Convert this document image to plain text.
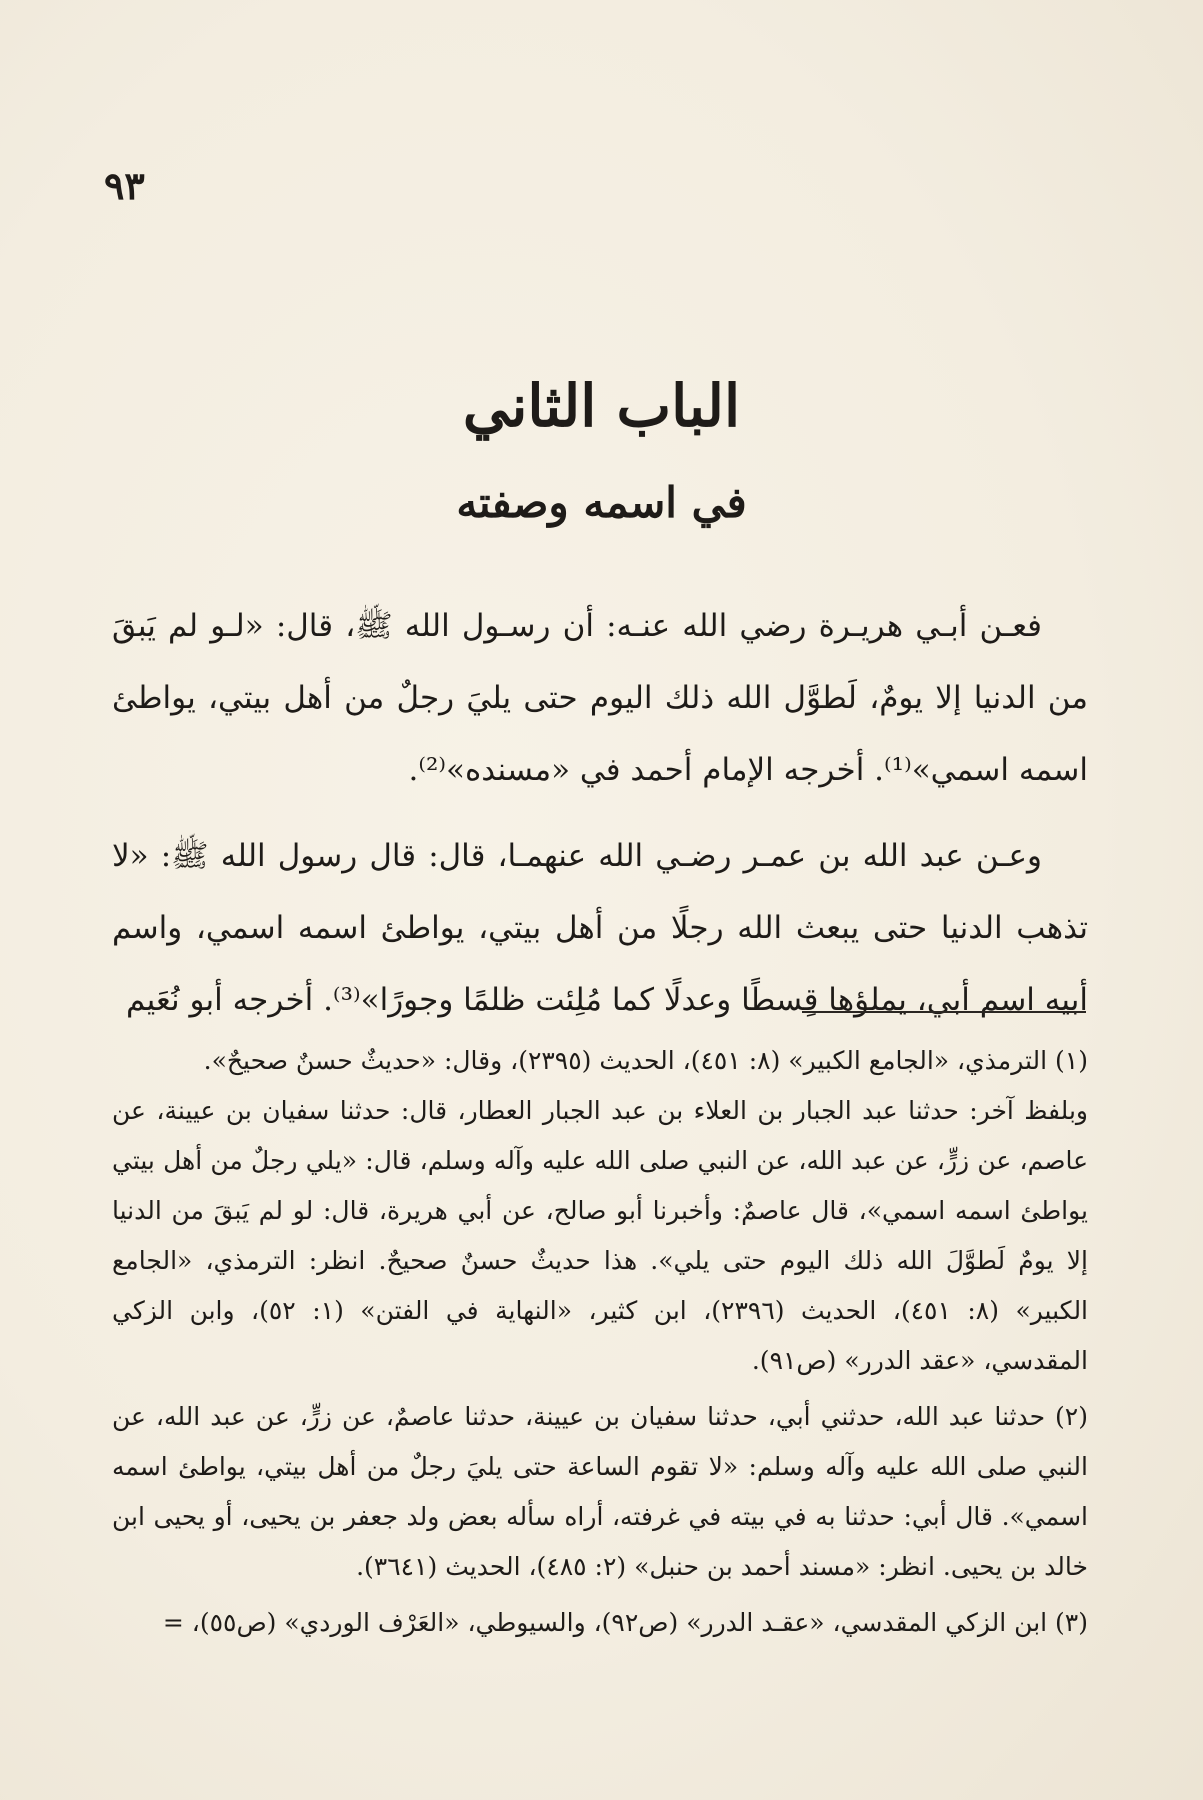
٩٣
الباب الثاني
في اسمه وصفته

فعـن أبـي هريـرة رضي الله عنـه: أن رسـول الله ﷺ، قال: «لـو لم يَبقَ من الدنيا إلا يومٌ، لَطوَّل الله ذلك اليوم حتى يليَ رجلٌ من أهل بيتي، يواطئ اسمه اسمي»⁽¹⁾. أخرجه الإمام أحمد في «مسنده»⁽²⁾.

وعـن عبد الله بن عمـر رضـي الله عنهمـا، قال: قال رسول الله ﷺ: «لا تذهب الدنيا حتى يبعث الله رجلًا من أهل بيتي، يواطئ اسمه اسمي، واسم أبيه اسم أبي، يملؤها قِسطًا وعدلًا كما مُلِئت ظلمًا وجورًا»⁽³⁾. أخرجه أبو نُعَيم

(١) الترمذي، «الجامع الكبير» (٨: ٤٥١)، الحديث (٢٣٩٥)، وقال: «حديثٌ حسنٌ صحيحٌ».

وبلفظ آخر: حدثنا عبد الجبار بن العلاء بن عبد الجبار العطار، قال: حدثنا سفيان بن عيينة، عن عاصم، عن زرٍّ، عن عبد الله، عن النبي صلى الله عليه وآله وسلم، قال: «يلي رجلٌ من أهل بيتي يواطئ اسمه اسمي»، قال عاصمٌ: وأخبرنا أبو صالح، عن أبي هريرة، قال: لو لم يَبقَ من الدنيا إلا يومٌ لَطوَّلَ الله ذلك اليوم حتى يلي». هذا حديثٌ حسنٌ صحيحٌ. انظر: الترمذي، «الجامع الكبير» (٨: ٤٥١)، الحديث (٢٣٩٦)، ابن كثير، «النهاية في الفتن» (١: ٥٢)، وابن الزكي المقدسي، «عقد الدرر» (ص٩١).

(٢) حدثنا عبد الله، حدثني أبي، حدثنا سفيان بن عيينة، حدثنا عاصمٌ، عن زرٍّ، عن عبد الله، عن النبي صلى الله عليه وآله وسلم: «لا تقوم الساعة حتى يليَ رجلٌ من أهل بيتي، يواطئ اسمه اسمي». قال أبي: حدثنا به في بيته في غرفته، أراه سأله بعض ولد جعفر بن يحيى، أو يحيى ابن خالد بن يحيى. انظر: «مسند أحمد بن حنبل» (٢: ٤٨٥)، الحديث (٣٦٤١).

(٣) ابن الزكي المقدسي، «عقـد الدرر» (ص٩٢)، والسيوطي، «العَرْف الوردي» (ص٥٥)، =
